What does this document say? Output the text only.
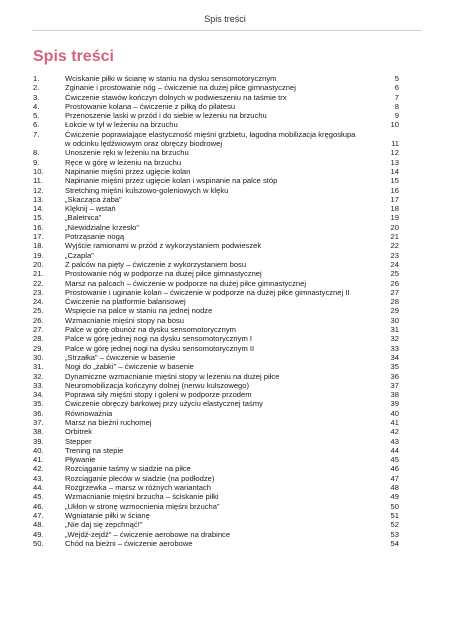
Spis treści
Spis treści
1.	Wciskanie piłki w ścianę w staniu na dysku sensomotorycznym	5
2.	Zginanie i prostowanie nóg – ćwiczenie na dużej piłce gimnastycznej	6
3.	Ćwiczenie stawów kończyn dolnych w podwieszeniu na taśmie trx	7
4.	Prostowanie kolana – ćwiczenie z piłką do pilatesu	8
5.	Przenoszenie laski w przód i do siebie w leżeniu na brzuchu	9
6.	Łokcie w tył w leżeniu na brzuchu	10
7.	Ćwiczenie poprawiające elastyczność mięśni grzbietu, łagodna mobilizacja kręgosłupa
w odcinku lędźwiowym oraz obręczy biodrowej	11
8.	Unoszenie ręki w leżeniu na brzuchu	12
9.	Ręce w górę w leżeniu na brzuchu	13
10.	Napinanie mięśni przez ugięcie kolan	14
11.	Napinanie mięśni przez ugięcie kolan i wspinanie na palce stóp	15
12.	Stretching mięśni kulszowo-goleniowych w klęku	16
13.	„Skacząca żaba"	17
14.	Klęknij – wstań	18
15.	„Baletnica"	19
16.	„Niewidzialne krzesło"	20
17.	Potrząsanie nogą	21
18.	Wyjście ramionami w przód z wykorzystaniem podwieszek	22
19.	„Czapla"	23
20.	Z palców na pięty – ćwiczenie z wykorzystaniem bosu	24
21.	Prostowanie nóg w podporze na dużej piłce gimnastycznej	25
22.	Marsz na palcach – ćwiczenie w podporze na dużej piłce gimnastycznej	26
23.	Prostowanie i uginanie kolan – ćwiczenie w podporze na dużej piłce gimnastycznej II	27
24.	Ćwiczenie na platformie balansowej	28
25.	Wspięcie na palce w staniu na jednej nodze	29
26.	Wzmacnianie mięśni stopy na bosu	30
27.	Palce w górę obunóż na dysku sensomotorycznym	31
28.	Palce w górę jednej nogi na dysku sensomotorycznym I	32
29.	Palce w górę jednej nogi na dysku sensomotorycznym II	33
30.	„Strzałka" – ćwiczenie w basenie	34
31.	Nogi do „żabki" – ćwiczenie w basenie	35
32.	Dynamiczne wzmacnianie mięśni stopy w leżeniu na dużej piłce	36
33.	Neuromobilizacja kończyny dolnej (nerwu kulszowego)	37
34.	Poprawa siły mięśni stopy i goleni w podporze przodem	38
35.	Ćwiczenie obręczy barkowej przy użyciu elastycznej taśmy	39
36.	Równoważnia	40
37.	Marsz na bieżni ruchomej	41
38.	Orbitrek	42
39.	Stepper	43
40.	Trening na stepie	44
41.	Pływanie	45
42.	Rozciąganie taśmy w siadzie na piłce	46
43.	Rozciąganie pleców w siadzie (na podłodze)	47
44.	Rozgrzewka – marsz w różnych wariantach	48
45.	Wzmacnianie mięśni brzucha – ściskanie piłki	49
46.	„Ukłon w stronę wzmocnienia mięśni brzucha"	50
47.	Wgniatanie piłki w ścianę	51
48.	„Nie daj się zepchnąć!"	52
49.	„Wejdź-zejdź" – ćwiczenie aerobowe na drabince	53
50.	Chód na bieżni – ćwiczenie aerobowe	54
